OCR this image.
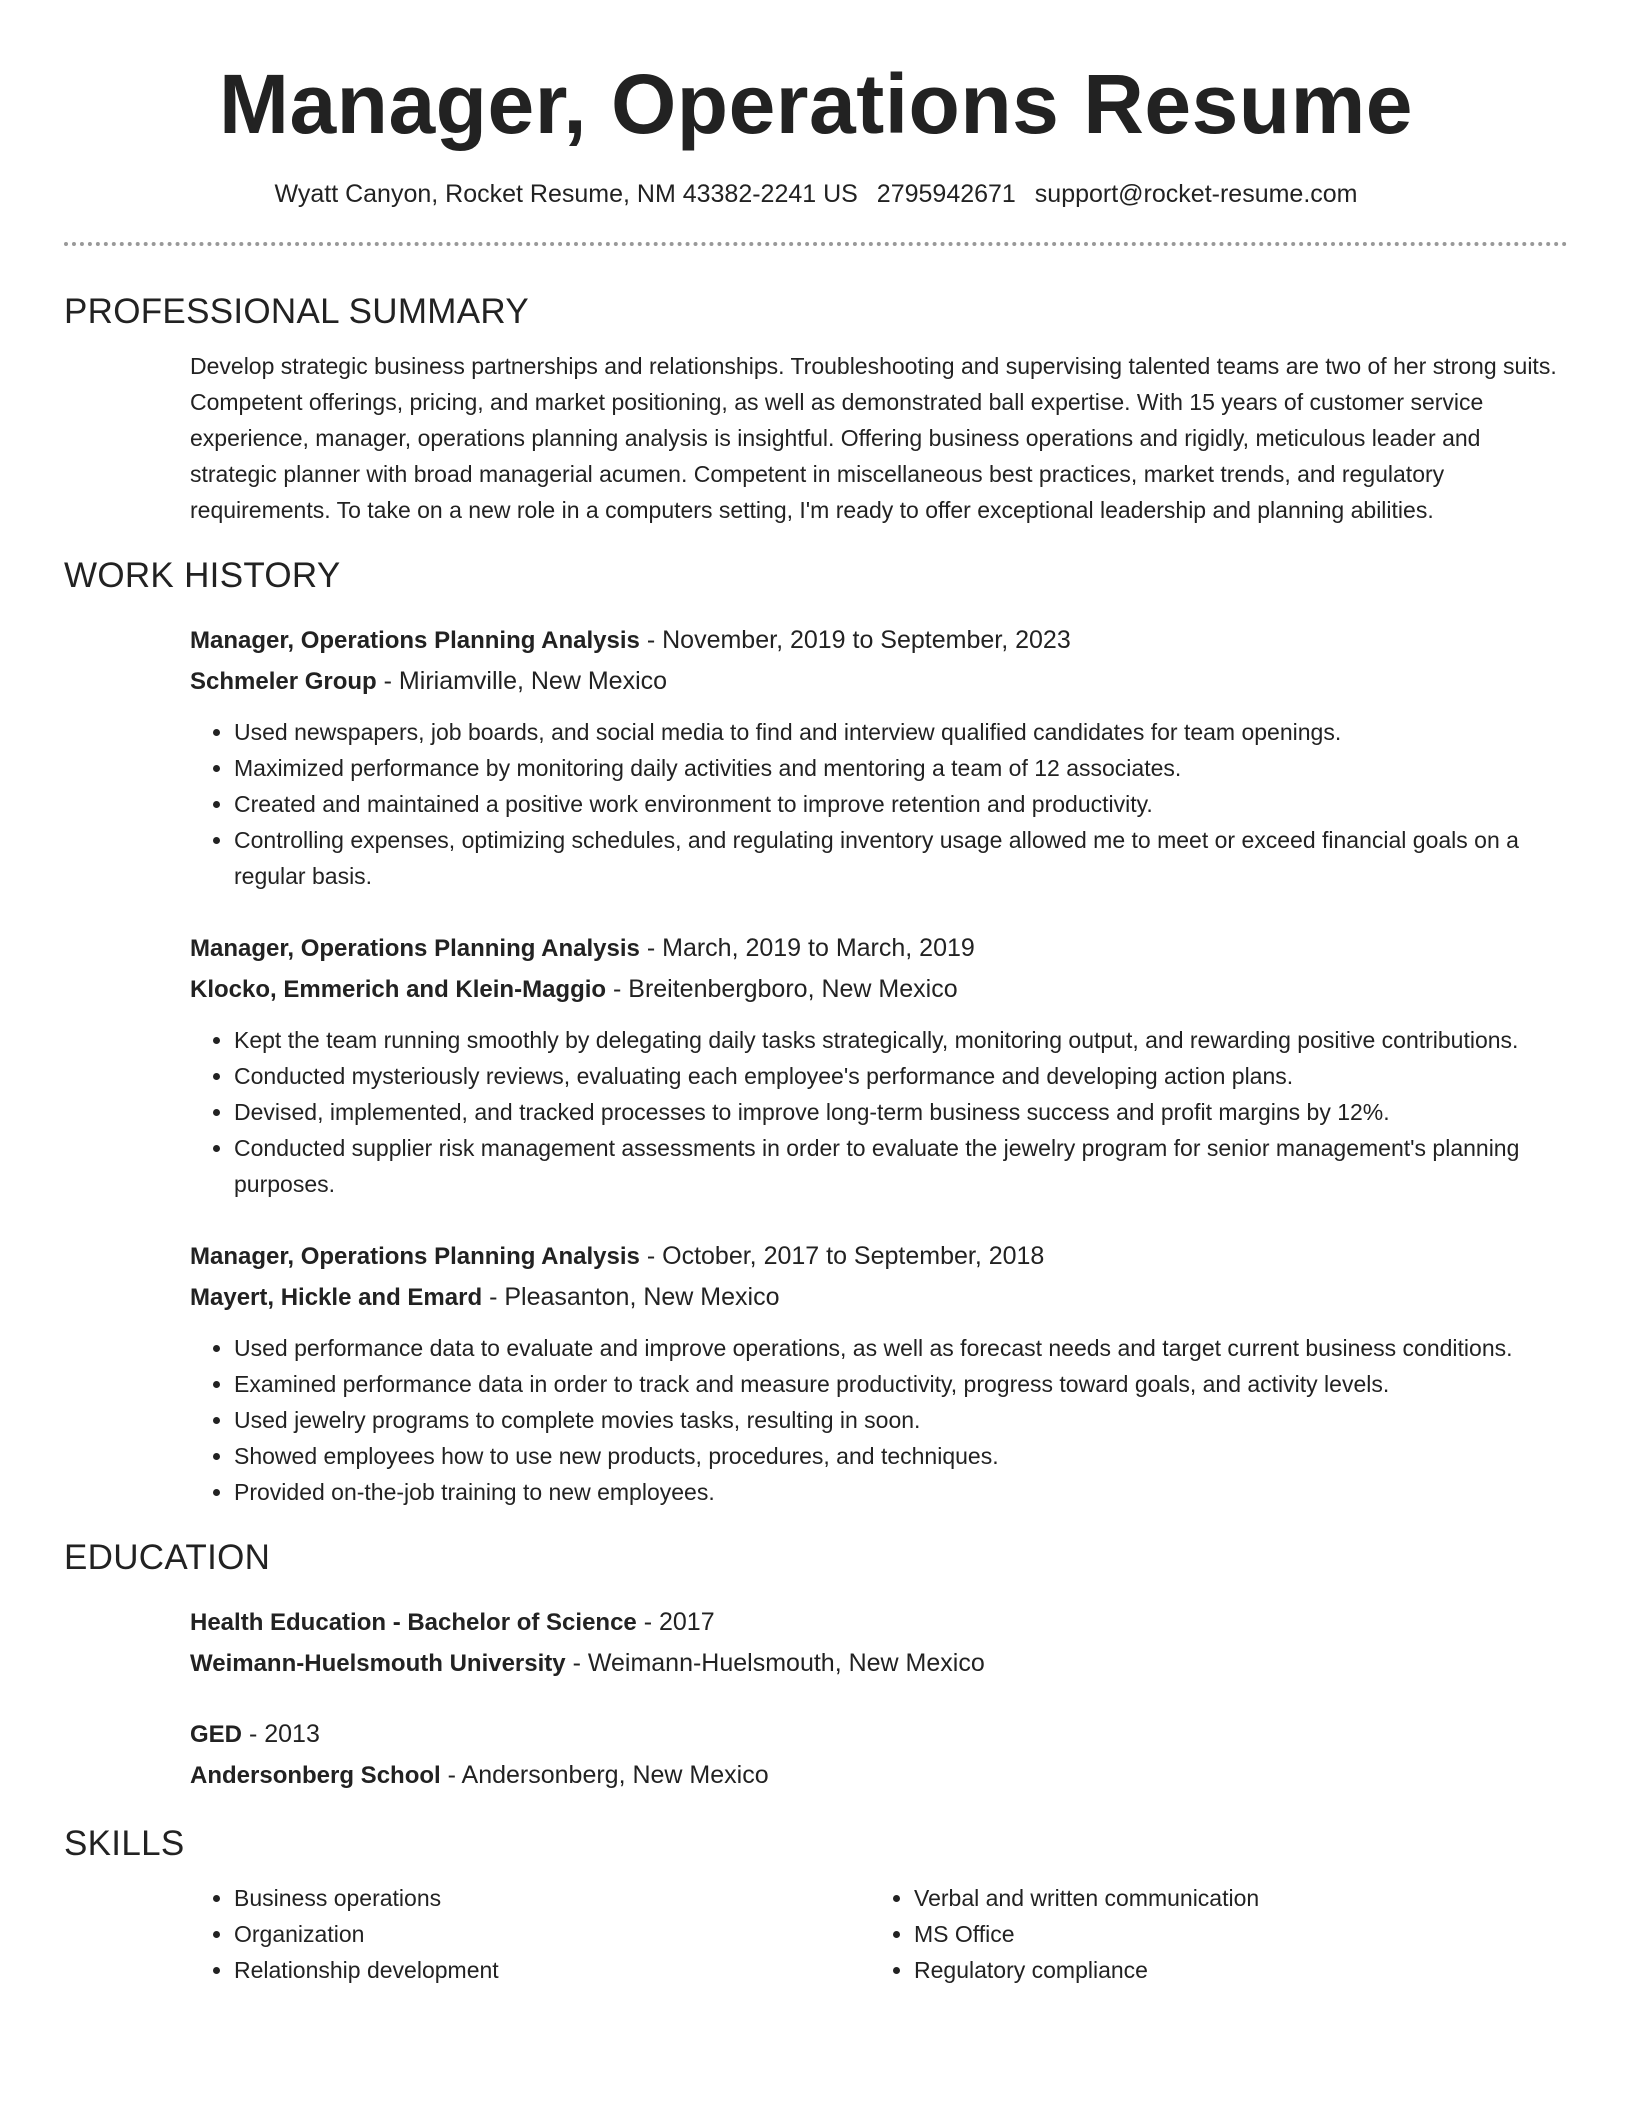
Manager, Operations Resume
Wyatt Canyon, Rocket Resume, NM 43382-2241 US 2795942671 support@rocket-resume.com
PROFESSIONAL SUMMARY

Develop strategic business partnerships and relationships. Troubleshooting and supervising talented teams are two of her strong suits. Competent offerings, pricing, and market positioning, as well as demonstrated ball expertise. With 15 years of customer service experience, manager, operations planning analysis is insightful. Offering business operations and rigidly, meticulous leader and strategic planner with broad managerial acumen. Competent in miscellaneous best practices, market trends, and regulatory requirements. To take on a new role in a computers setting, I'm ready to offer exceptional leadership and planning abilities.

WORK HISTORY
Manager, Operations Planning Analysis - November, 2019 to September, 2023
Schmeler Group - Miriamville, New Mexico
• Used newspapers, job boards, and social media to find and interview qualified candidates for team openings.
• Maximized performance by monitoring daily activities and mentoring a team of 12 associates.
• Created and maintained a positive work environment to improve retention and productivity.
• Controlling expenses, optimizing schedules, and regulating inventory usage allowed me to meet or exceed financial goals on a regular basis.
Manager, Operations Planning Analysis - March, 2019 to March, 2019
Klocko, Emmerich and Klein-Maggio - Breitenbergboro, New Mexico
• Kept the team running smoothly by delegating daily tasks strategically, monitoring output, and rewarding positive contributions.
• Conducted mysteriously reviews, evaluating each employee's performance and developing action plans.
• Devised, implemented, and tracked processes to improve long-term business success and profit margins by 12%.
• Conducted supplier risk management assessments in order to evaluate the jewelry program for senior management's planning purposes.
Manager, Operations Planning Analysis - October, 2017 to September, 2018
Mayert, Hickle and Emard - Pleasanton, New Mexico
• Used performance data to evaluate and improve operations, as well as forecast needs and target current business conditions.
• Examined performance data in order to track and measure productivity, progress toward goals, and activity levels.
• Used jewelry programs to complete movies tasks, resulting in soon.
• Showed employees how to use new products, procedures, and techniques.
• Provided on-the-job training to new employees.
EDUCATION
Health Education - Bachelor of Science - 2017
Weimann-Huelsmouth University - Weimann-Huelsmouth, New Mexico
GED - 2013
Andersonberg School - Andersonberg, New Mexico
SKILLS
• Business operations
• Organization
• Relationship development
• Verbal and written communication
• MS Office
• Regulatory compliance
